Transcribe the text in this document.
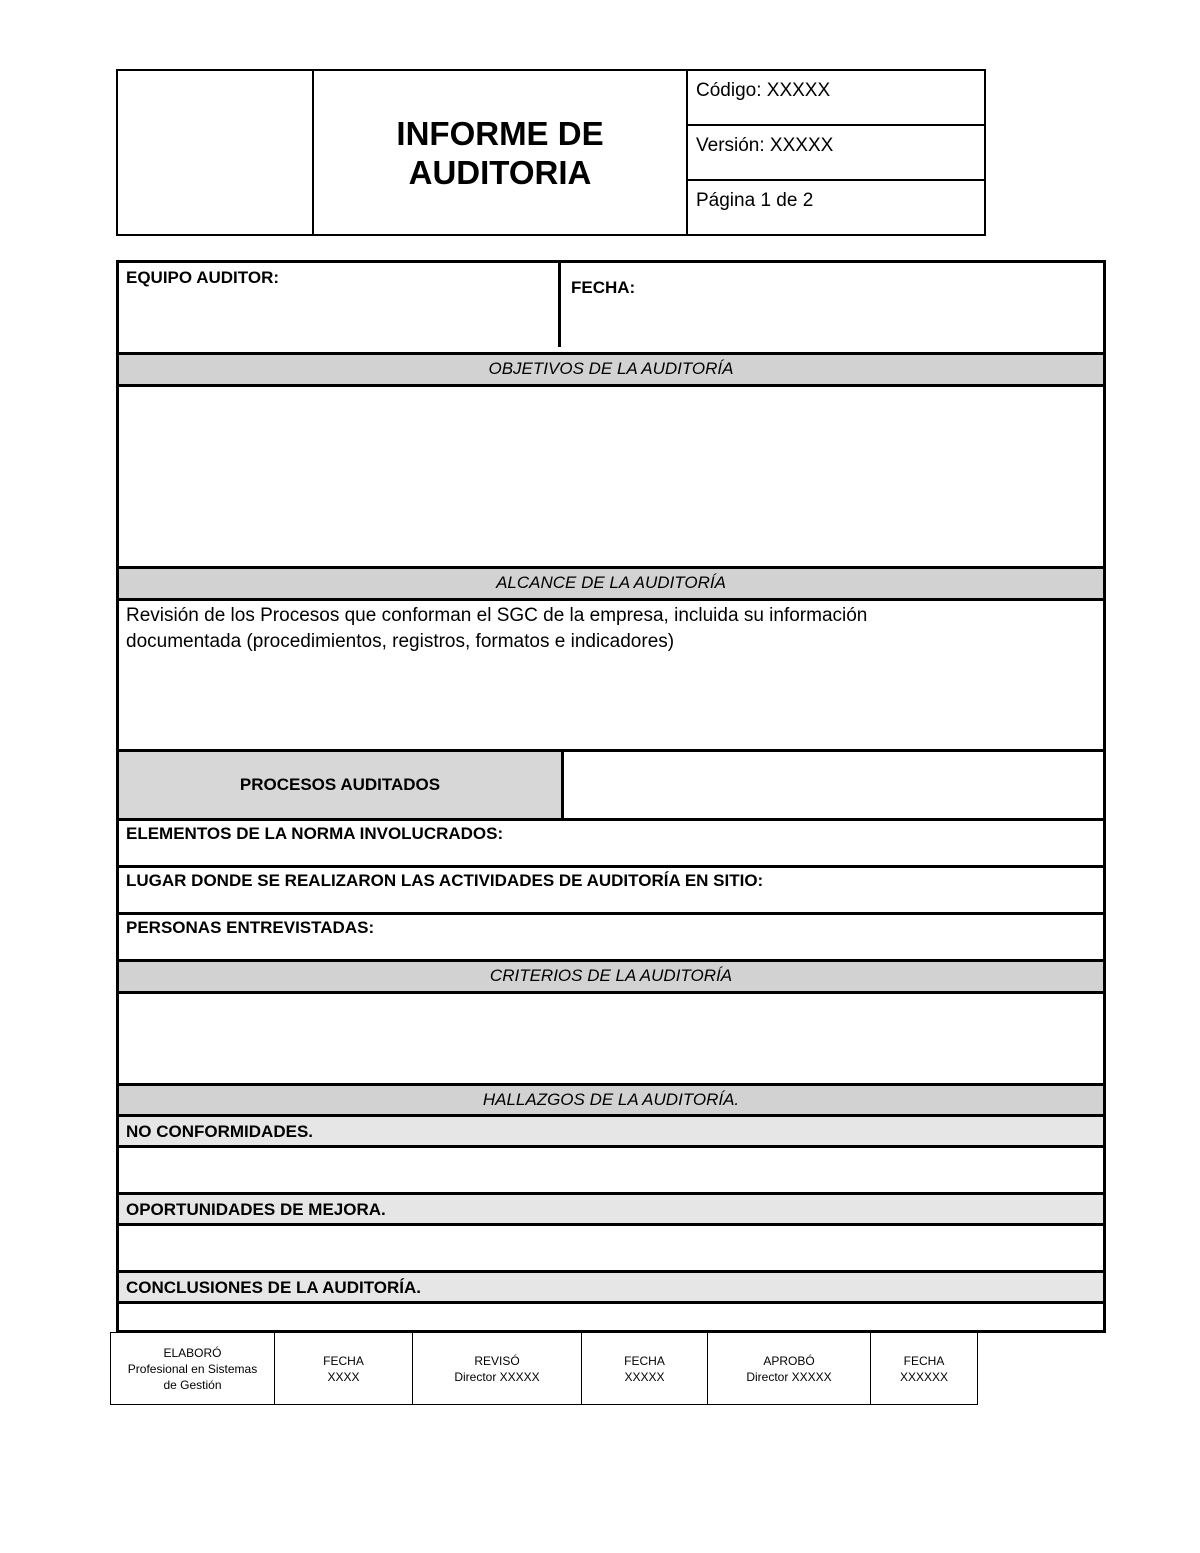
INFORME DE
AUDITORIA
Código: XXXXX
Versión: XXXXX
Página 1 de 2
EQUIPO AUDITOR:
FECHA:
OBJETIVOS DE LA AUDITORÍA
ALCANCE DE LA AUDITORÍA
Revisión de los Procesos que conforman el SGC de la empresa, incluida su información
documentada (procedimientos, registros, formatos e indicadores)
PROCESOS AUDITADOS
ELEMENTOS DE LA NORMA INVOLUCRADOS:
LUGAR DONDE SE REALIZARON LAS ACTIVIDADES DE AUDITORÍA EN SITIO:
PERSONAS ENTREVISTADAS:
CRITERIOS DE LA AUDITORÍA
HALLAZGOS DE LA AUDITORÍA.
NO CONFORMIDADES.
OPORTUNIDADES DE MEJORA.
CONCLUSIONES DE LA AUDITORÍA.
ELABORÓ
Profesional en Sistemas
de Gestión
FECHA
XXXX
REVISÓ
Director XXXXX
FECHA
XXXXX
APROBÓ
Director XXXXX
FECHA
XXXXXX
